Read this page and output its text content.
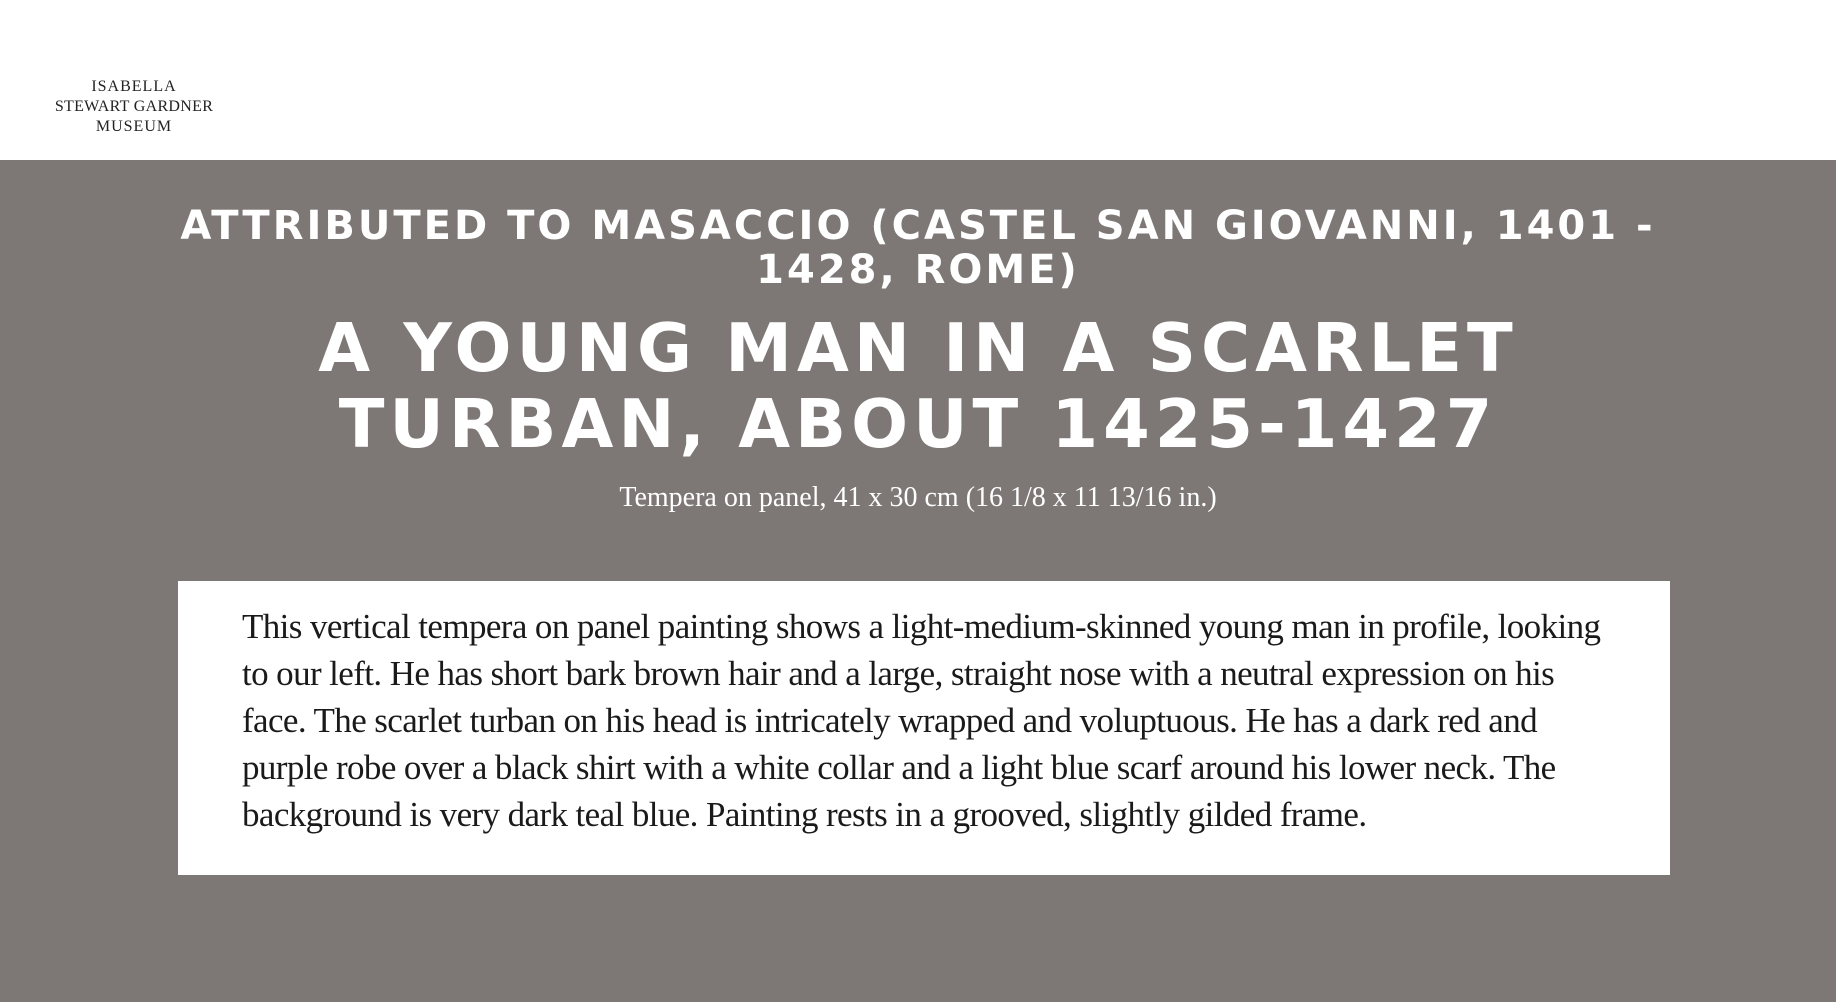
ISABELLA
STEWART GARDNER
MUSEUM
ATTRIBUTED TO MASACCIO (CASTEL SAN GIOVANNI, 1401 - 1428, ROME)
A YOUNG MAN IN A SCARLET TURBAN, ABOUT 1425-1427

Tempera on panel, 41 x 30 cm (16 1/8 x 11 13/16 in.)

This vertical tempera on panel painting shows a light-medium-skinned young man in profile, looking to our left. He has short bark brown hair and a large, straight nose with a neutral expression on his face. The scarlet turban on his head is intricately wrapped and voluptuous. He has a dark red and purple robe over a black shirt with a white collar and a light blue scarf around his lower neck. The background is very dark teal blue. Painting rests in a grooved, slightly gilded frame.
